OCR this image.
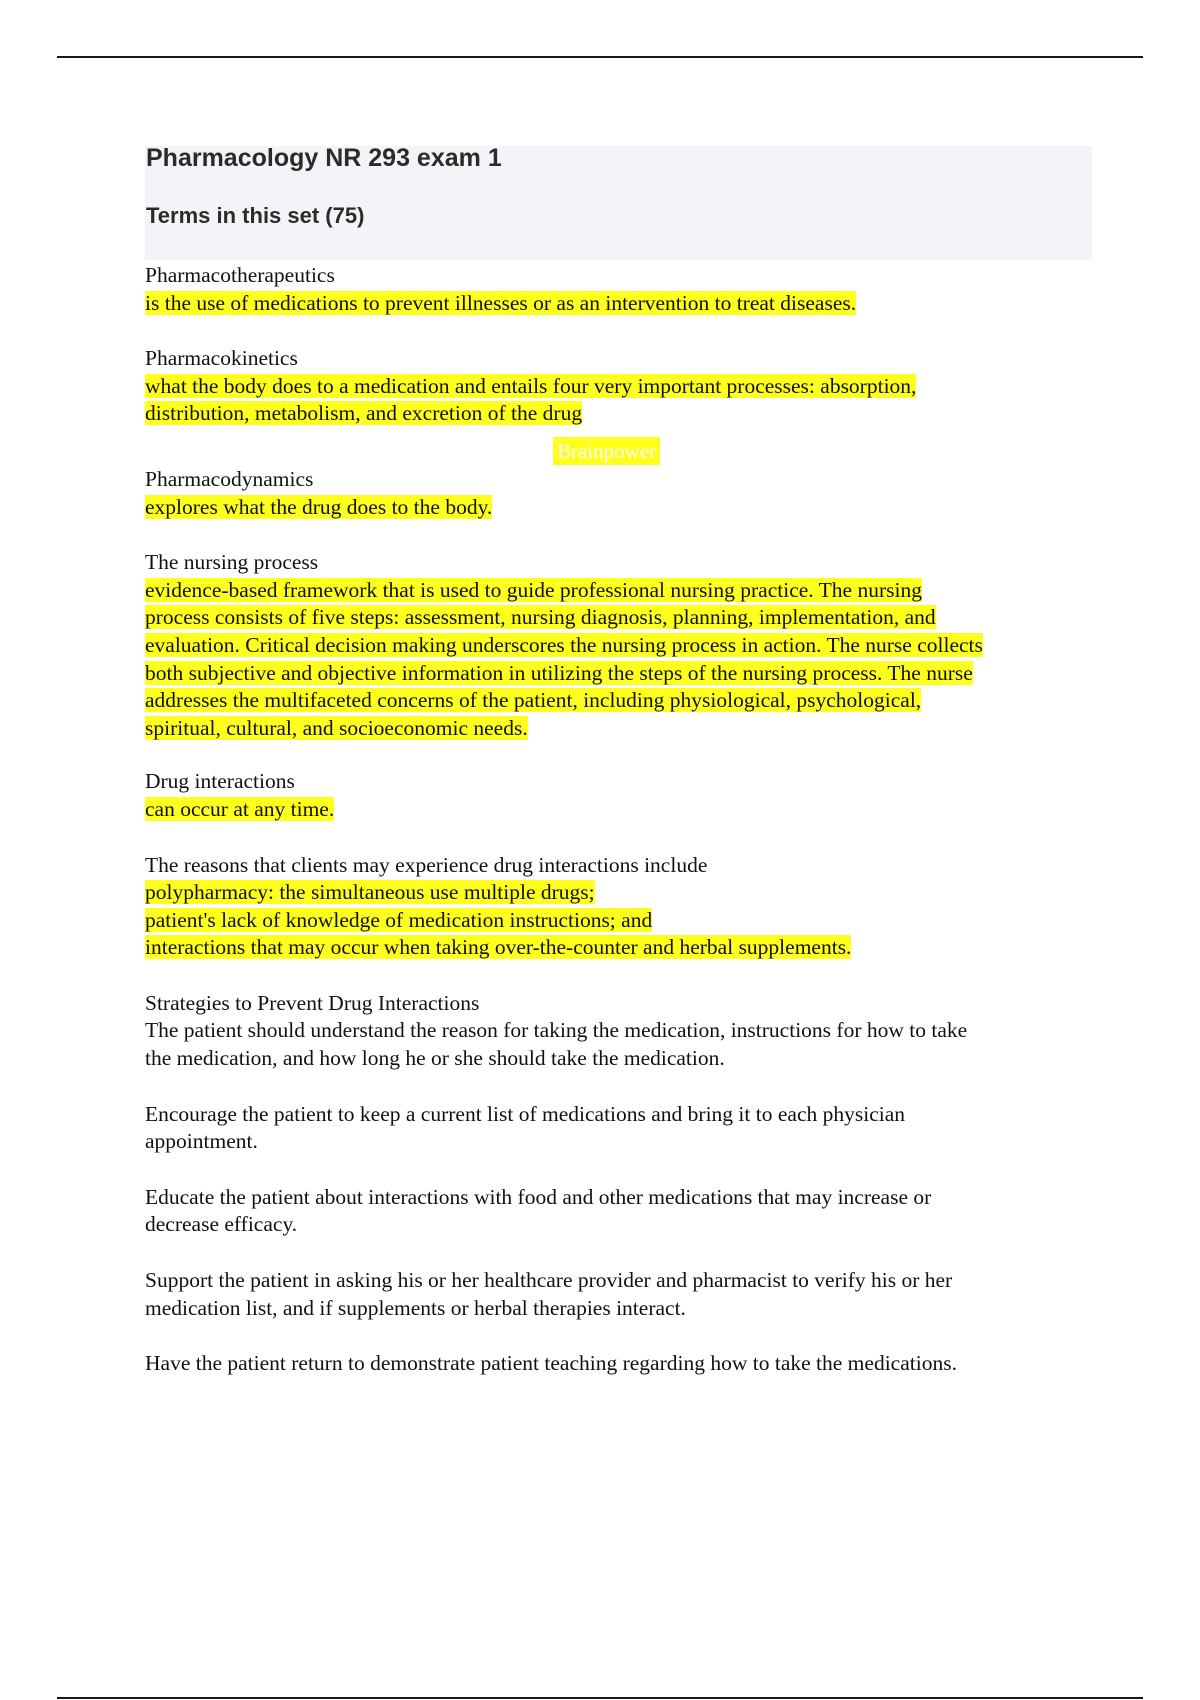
Pharmacology NR 293 exam 1
Terms in this set (75)
Pharmacotherapeutics
is the use of medications to prevent illnesses or as an intervention to treat diseases.
Pharmacokinetics
what the body does to a medication and entails four very important processes: absorption,
distribution, metabolism, and excretion of the drug
Pharmacodynamics
explores what the drug does to the body.
The nursing process
evidence-based framework that is used to guide professional nursing practice. The nursing
process consists of five steps: assessment, nursing diagnosis, planning, implementation, and
evaluation. Critical decision making underscores the nursing process in action. The nurse collects
both subjective and objective information in utilizing the steps of the nursing process. The nurse
addresses the multifaceted concerns of the patient, including physiological, psychological,
spiritual, cultural, and socioeconomic needs.
Drug interactions
can occur at any time.
The reasons that clients may experience drug interactions include
polypharmacy: the simultaneous use multiple drugs;
patient's lack of knowledge of medication instructions; and
interactions that may occur when taking over-the-counter and herbal supplements.
Strategies to Prevent Drug Interactions
The patient should understand the reason for taking the medication, instructions for how to take
the medication, and how long he or she should take the medication.
Encourage the patient to keep a current list of medications and bring it to each physician
appointment.
Educate the patient about interactions with food and other medications that may increase or
decrease efficacy.
Support the patient in asking his or her healthcare provider and pharmacist to verify his or her
medication list, and if supplements or herbal therapies interact.
Have the patient return to demonstrate patient teaching regarding how to take the medications.
Brainpower
